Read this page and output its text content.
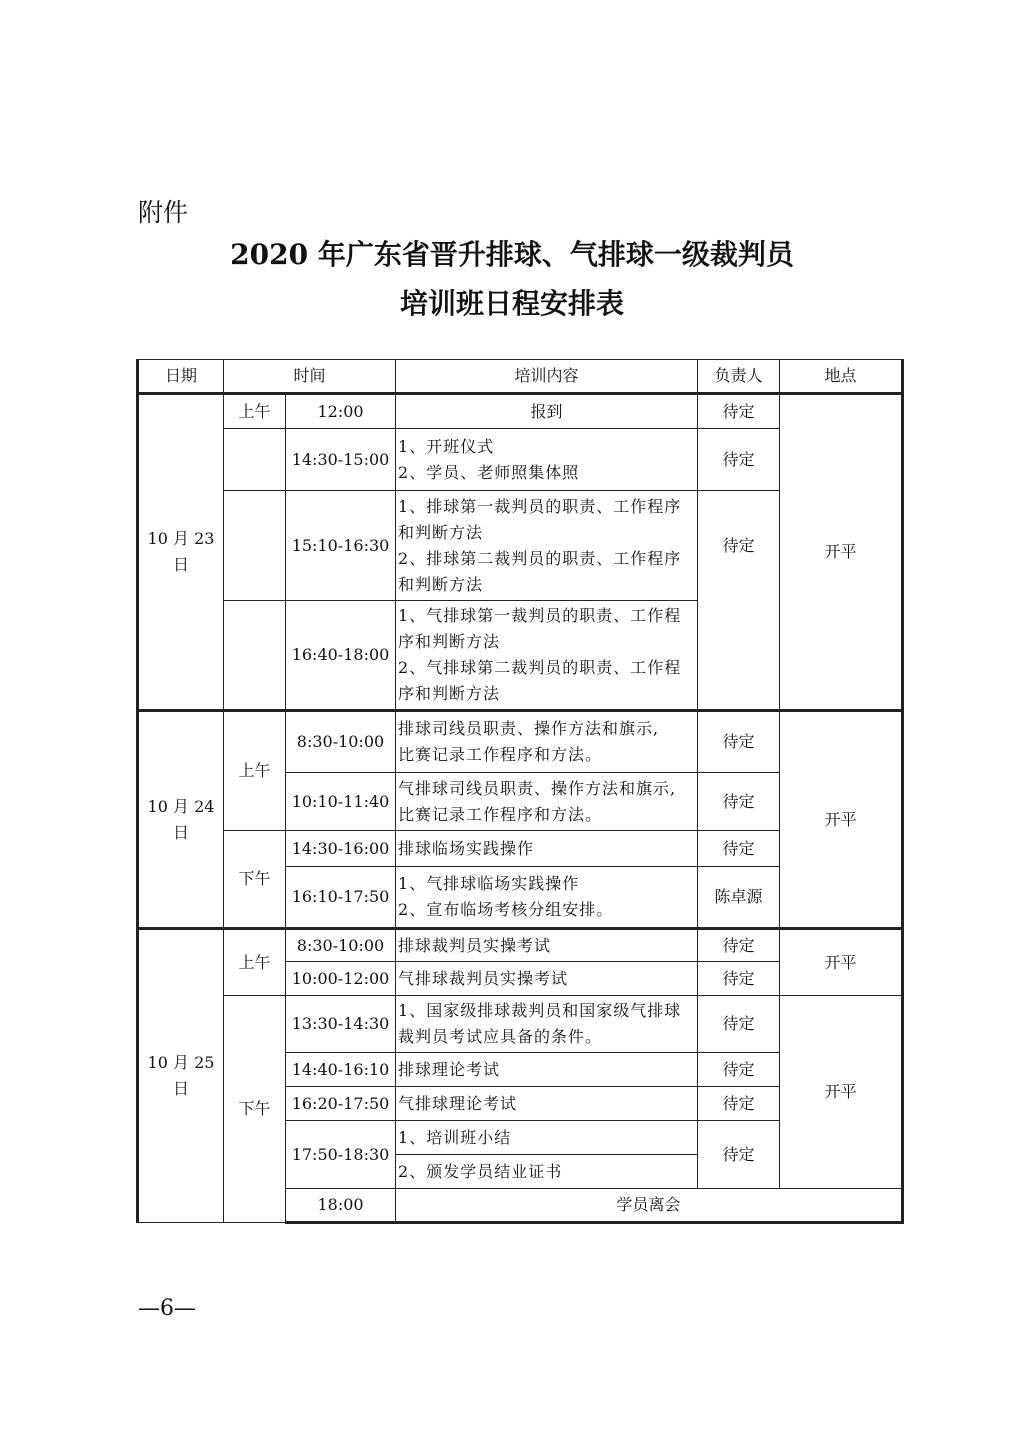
附件
2020 年广东省晋升排球、气排球一级裁判员
培训班日程安排表
日期	时间		培训内容	负责人	地点
10 月 23 日	上午	12:00	报到	待定	开平
		14:30-15:00	1、开班仪式
2、学员、老师照集体照	待定	
		15:10-16:30	1、排球第一裁判员的职责、工作程序
和判断方法
2、排球第二裁判员的职责、工作程序
和判断方法	待定	
		16:40-18:00	1、气排球第一裁判员的职责、工作程
序和判断方法
2、气排球第二裁判员的职责、工作程
序和判断方法		

10 月 24 日	上午	8:30-10:00	排球司线员职责、操作方法和旗示,
比赛记录工作程序和方法。	待定	开平
		10:10-11:40	气排球司线员职责、操作方法和旗示,
比赛记录工作程序和方法。	待定	
	下午	14:30-16:00	排球临场实践操作	待定	
		16:10-17:50	1、气排球临场实践操作
2、宣布临场考核分组安排。	陈卓源	
10 月 25 日	上午	8:30-10:00	排球裁判员实操考试	待定	开平
		10:00-12:00	气排球裁判员实操考试	待定	
	下午	13:30-14:30	1、国家级排球裁判员和国家级气排球
裁判员考试应具备的条件。	待定	开平
		14:40-16:10	排球理论考试	待定	
		16:20-17:50	气排球理论考试	待定	
		17:50-18:30	1、培训班小结
2、颁发学员结业证书	待定	
		18:00	学员离会		
—6—
